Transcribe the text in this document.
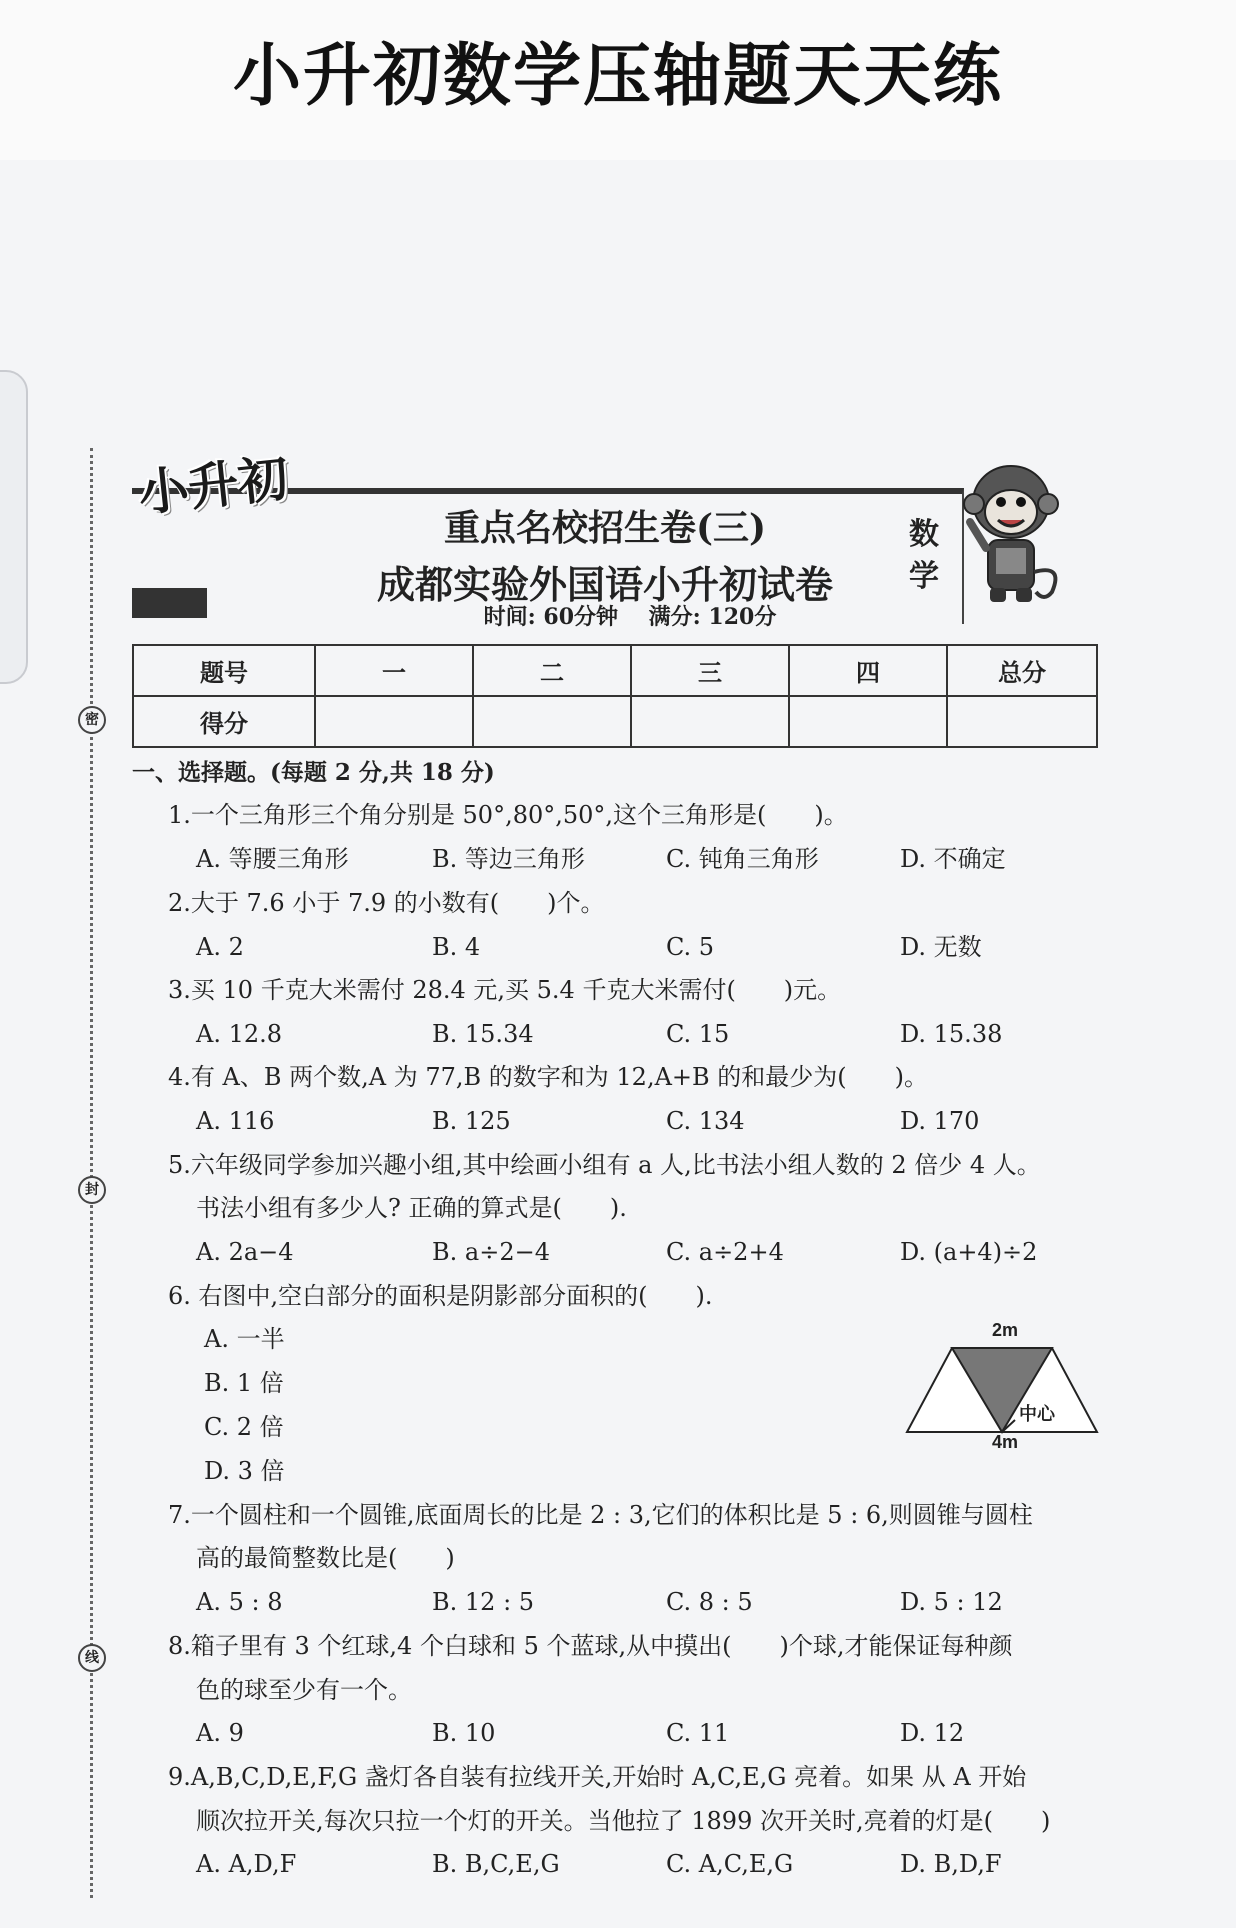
小升初数学压轴题天天练
密
封
线
小升初
重点名校招生卷(三)
成都实验外国语小升初试卷
时间: 60分钟 满分: 120分
数
学
题号	一	二	三	四	总分
得分					
一、选择题。(每题 2 分,共 18 分)
1.一个三角形三个角分别是 50°,80°,50°,这个三角形是(　　)。
A. 等腰三角形	B. 等边三角形	C. 钝角三角形	D. 不确定
2.大于 7.6 小于 7.9 的小数有(　　)个。
A. 2	B. 4	C. 5	D. 无数
3.买 10 千克大米需付 28.4 元,买 5.4 千克大米需付(　　)元。
A. 12.8	B. 15.34	C. 15	D. 15.38
4.有 A、B 两个数,A 为 77,B 的数字和为 12,A+B 的和最少为(　　)。
A. 116	B. 125	C. 134	D. 170
5.六年级同学参加兴趣小组,其中绘画小组有 a 人,比书法小组人数的 2 倍少 4 人。
书法小组有多少人? 正确的算式是(　　).
A. 2a−4	B. a÷2−4	C. a÷2+4	D. (a+4)÷2
6. 右图中,空白部分的面积是阴影部分面积的(　　).
A. 一半
B. 1 倍
C. 2 倍
D. 3 倍
2m
中心
4m
7.一个圆柱和一个圆锥,底面周长的比是 2 : 3,它们的体积比是 5 : 6,则圆锥与圆柱
高的最简整数比是(　　)
A. 5 : 8	B. 12 : 5	C. 8 : 5	D. 5 : 12
8.箱子里有 3 个红球,4 个白球和 5 个蓝球,从中摸出(　　)个球,才能保证每种颜
色的球至少有一个。
A. 9	B. 10	C. 11	D. 12
9.A,B,C,D,E,F,G 盏灯各自装有拉线开关,开始时 A,C,E,G 亮着。如果 从 A 开始
顺次拉开关,每次只拉一个灯的开关。当他拉了 1899 次开关时,亮着的灯是(　　)
A. A,D,F	B. B,C,E,G	C. A,C,E,G	D. B,D,F
